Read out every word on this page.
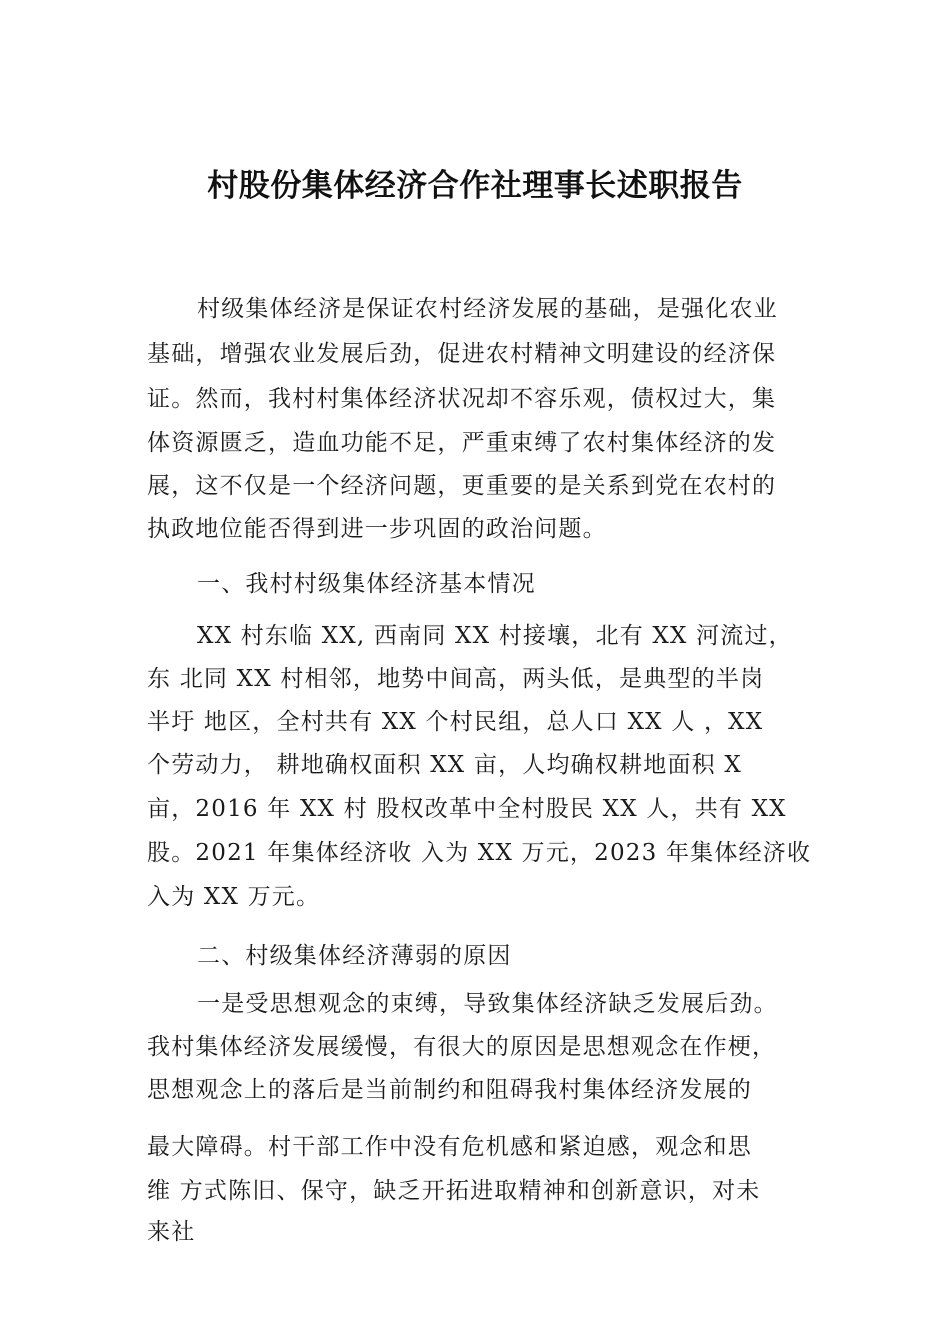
村股份集体经济合作社理事长述职报告
村级集体经济是保证农村经济发展的基础，是强化农业
基础，增强农业发展后劲，促进农村精神文明建设的经济保
证。然而，我村村集体经济状况却不容乐观，债权过大，集
体资源匮乏，造血功能不足，严重束缚了农村集体经济的发
展，这不仅是一个经济问题，更重要的是关系到党在农村的
执政地位能否得到进一步巩固的政治问题。
一、我村村级集体经济基本情况
XX 村东临 XX, 西南同 XX 村接壤，北有 XX 河流过，
东 北同 XX 村相邻，地势中间高，两头低，是典型的半岗
半圩 地区，全村共有 XX 个村民组，总人口 XX 人 ，XX
个劳动力， 耕地确权面积 XX 亩，人均确权耕地面积 X
亩，2016 年 XX 村 股权改革中全村股民 XX 人，共有 XX
股。2021 年集体经济收 入为 XX 万元，2023 年集体经济收
入为 XX 万元。
二、村级集体经济薄弱的原因
一是受思想观念的束缚，导致集体经济缺乏发展后劲。
我村集体经济发展缓慢，有很大的原因是思想观念在作梗，
思想观念上的落后是当前制约和阻碍我村集体经济发展的
最大障碍。村干部工作中没有危机感和紧迫感，观念和思
维 方式陈旧、保守，缺乏开拓进取精神和创新意识，对未
来社
